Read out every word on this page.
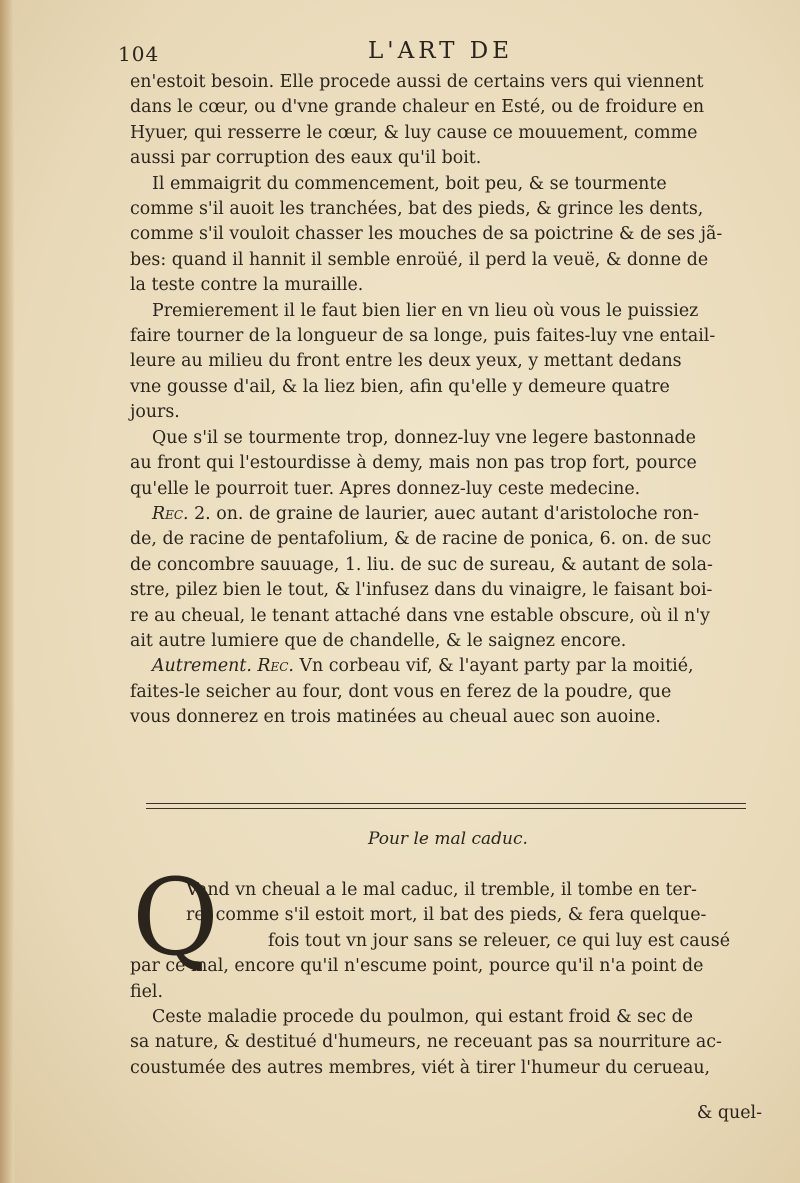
104	L'ART DE

en'estoit besoin. Elle procede aussi de certains vers qui viennent
dans le cœur, ou d'vne grande chaleur en Esté, ou de froidure en
Hyuer, qui resserre le cœur, & luy cause ce mouuement, comme
aussi par corruption des eaux qu'il boit.

Il emmaigrit du commencement, boit peu, & se tourmente
comme s'il auoit les tranchées, bat des pieds, & grince les dents,
comme s'il vouloit chasser les mouches de sa poictrine & de ses jã-
bes: quand il hannit il semble enroüé, il perd la veuë, & donne de
la teste contre la muraille.

Premierement il le faut bien lier en vn lieu où vous le puissiez
faire tourner de la longueur de sa longe, puis faites-luy vne entail-
leure au milieu du front entre les deux yeux, y mettant dedans
vne gousse d'ail, & la liez bien, afin qu'elle y demeure quatre
jours.

Que s'il se tourmente trop, donnez-luy vne legere bastonnade
au front qui l'estourdisse à demy, mais non pas trop fort, pource
qu'elle le pourroit tuer. Apres donnez-luy ceste medecine.

Rec. 2. on. de graine de laurier, auec autant d'aristoloche ron-
de, de racine de pentafolium, & de racine de ponica, 6. on. de suc
de concombre sauuage, 1. liu. de suc de sureau, & autant de sola-
stre, pilez bien le tout, & l'infusez dans du vinaigre, le faisant boi-
re au cheual, le tenant attaché dans vne estable obscure, où il n'y
ait autre lumiere que de chandelle, & le saignez encore.

Autrement. Rec. Vn corbeau vif, & l'ayant party par la moitié,
faites-le seicher au four, dont vous en ferez de la poudre, que
vous donnerez en trois matinées au cheual auec son auoine.

Pour le mal caduc.
Q

Vand vn cheual a le mal caduc, il tremble, il tombe en ter-
re, comme s'il estoit mort, il bat des pieds, & fera quelque-
fois tout vn jour sans se releuer, ce qui luy est causé
par ce mal, encore qu'il n'escume point, pource qu'il n'a point de
fiel.

Ceste maladie procede du poulmon, qui estant froid & sec de
sa nature, & destitué d'humeurs, ne receuant pas sa nourriture ac-
coustumée des autres membres, viét à tirer l'humeur du cerueau,

& quel-
